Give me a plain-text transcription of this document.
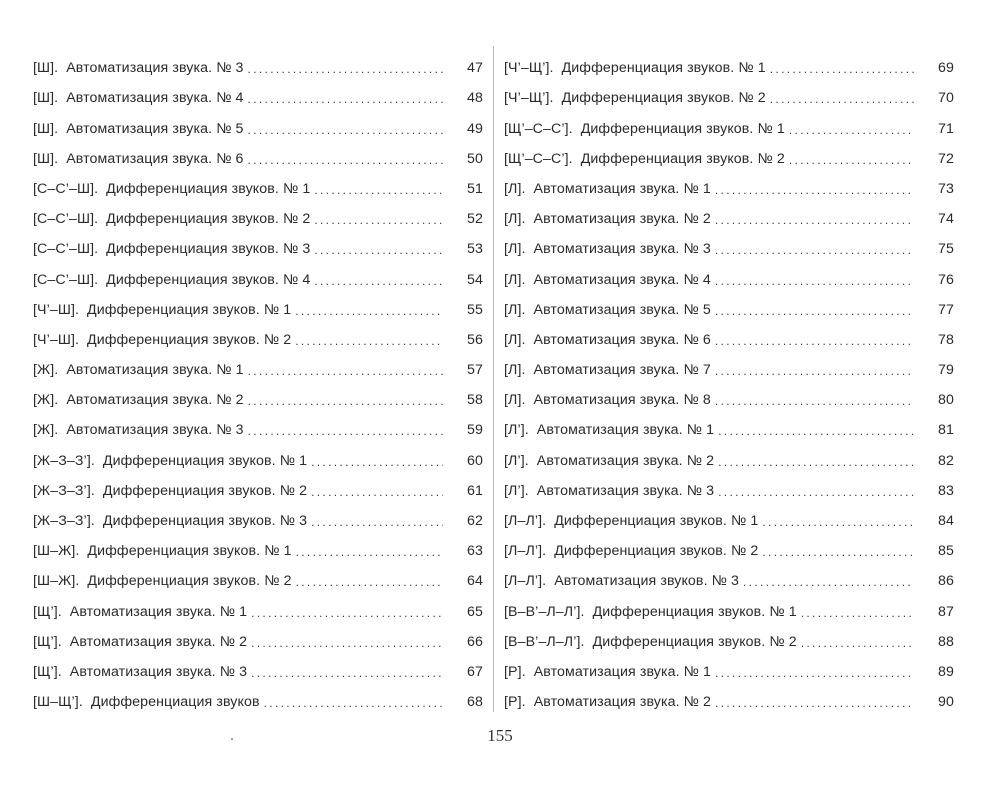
[Ш]. Автоматизация звука. № 3 . . .	47
[Ш]. Автоматизация звука. № 4 . . .	48
[Ш]. Автоматизация звука. № 5 . . .	49
[Ш]. Автоматизация звука. № 6 . . .	50
[С–С’–Ш]. Дифференциация звуков. № 1 . . .	51
[С–С’–Ш]. Дифференциация звуков. № 2 . . .	52
[С–С’–Ш]. Дифференциация звуков. № 3 . . .	53
[С–С’–Ш]. Дифференциация звуков. № 4 . . .	54
[Ч’–Ш]. Дифференциация звуков. № 1 . . .	55
[Ч’–Ш]. Дифференциация звуков. № 2 . . .	56
[Ж]. Автоматизация звука. № 1 . . .	57
[Ж]. Автоматизация звука. № 2 . . .	58
[Ж]. Автоматизация звука. № 3 . . .	59
[Ж–З–З’]. Дифференциация звуков. № 1 . . .	60
[Ж–З–З’]. Дифференциация звуков. № 2 . . .	61
[Ж–З–З’]. Дифференциация звуков. № 3 . . .	62
[Ш–Ж]. Дифференциация звуков. № 1 . . .	63
[Ш–Ж]. Дифференциация звуков. № 2 . . .	64
[Щ’]. Автоматизация звука. № 1 . . .	65
[Щ’]. Автоматизация звука. № 2 . . .	66
[Щ’]. Автоматизация звука. № 3 . . .	67
[Ш–Щ’]. Дифференциация звуков . . .	68
[Ч’–Щ’]. Дифференциация звуков. № 1 . . .	69
[Ч’–Щ’]. Дифференциация звуков. № 2 . . .	70
[Щ’–С–С’]. Дифференциация звуков. № 1 . . .	71
[Щ’–С–С’]. Дифференциация звуков. № 2 . . .	72
[Л]. Автоматизация звука. № 1 . . .	73
[Л]. Автоматизация звука. № 2 . . .	74
[Л]. Автоматизация звука. № 3 . . .	75
[Л]. Автоматизация звука. № 4 . . .	76
[Л]. Автоматизация звука. № 5 . . .	77
[Л]. Автоматизация звука. № 6 . . .	78
[Л]. Автоматизация звука. № 7 . . .	79
[Л]. Автоматизация звука. № 8 . . .	80
[Л’]. Автоматизация звука. № 1 . . .	81
[Л’]. Автоматизация звука. № 2 . . .	82
[Л’]. Автоматизация звука. № 3 . . .	83
[Л–Л’]. Дифференциация звуков. № 1 . . .	84
[Л–Л’]. Дифференциация звуков. № 2 . . .	85
[Л–Л’]. Автоматизация звуков. № 3 . . .	86
[В–В’–Л–Л’]. Дифференциация звуков. № 1 . . .	87
[В–В’–Л–Л’]. Дифференциация звуков. № 2 . . .	88
[Р]. Автоматизация звука. № 1 . . .	89
[Р]. Автоматизация звука. № 2 . . .	90
155
